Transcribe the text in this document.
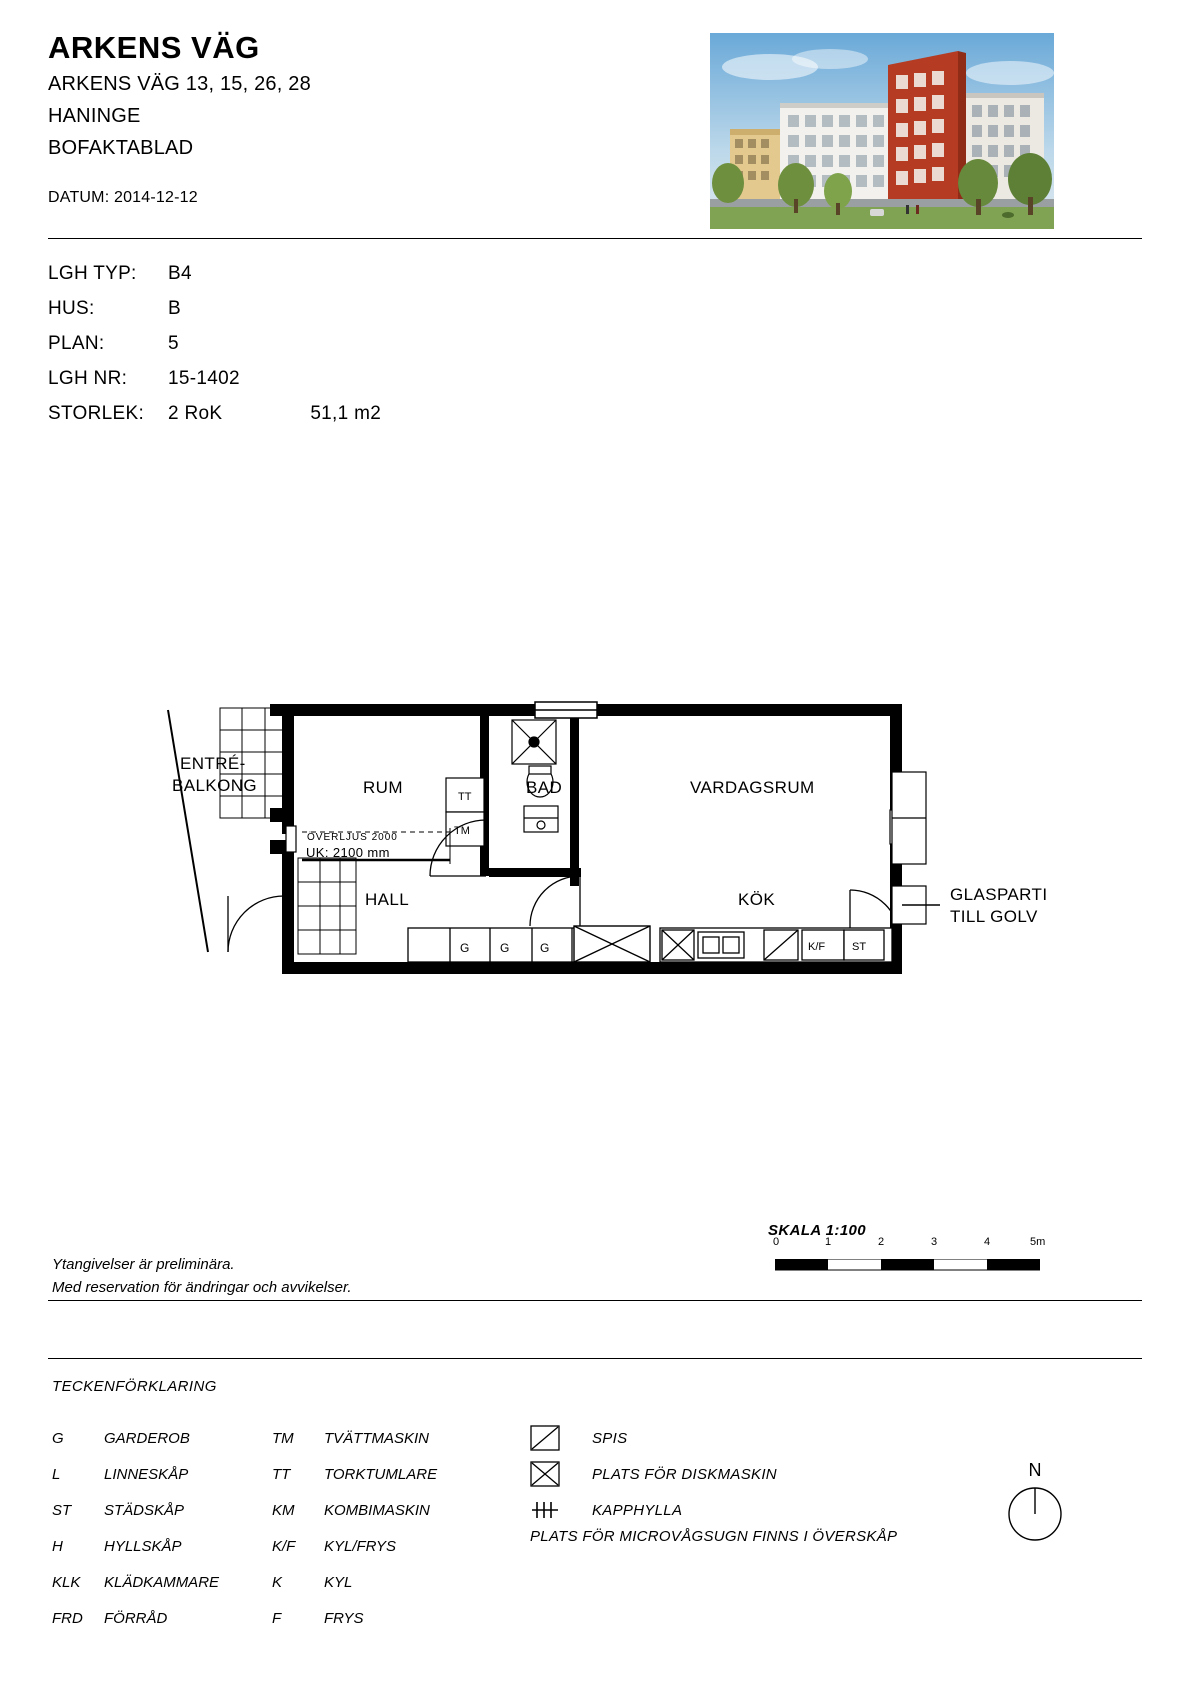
ARKENS VÄG
ARKENS VÄG 13, 15, 26, 28
HANINGE
BOFAKTABLAD
DATUM: 2014-12-12
LGH TYP:	B4
HUS:	B
PLAN:	5
LGH NR:	15-1402
STORLEK:	2 RoK	51,1 m2
TT
TM
G	G	G	K/F ST
ENTRÉ-
BALKONG	RUM	BAD	VARDAGSRUM
HALL	KÖK
ÖVERLJUS 2000
UK: 2100 mm
GLASPARTI
TILL GOLV
SKALA 1:100
0	1	2	3	4	5m
Ytangivelser är preliminära.
Med reservation för ändringar och avvikelser.
TECKENFÖRKLARING
G	GARDEROB
L	LINNESKÅP
ST	STÄDSKÅP
H	HYLLSKÅP
KLK	KLÄDKAMMARE
FRD	FÖRRÅD
TM	TVÄTTMASKIN
TT	TORKTUMLARE
KM	KOMBIMASKIN
K/F	KYL/FRYS
K	KYL
F	FRYS
SPIS
PLATS FÖR DISKMASKIN
KAPPHYLLA
PLATS FÖR MICROVÅGSUGN FINNS I ÖVERSKÅP
N
